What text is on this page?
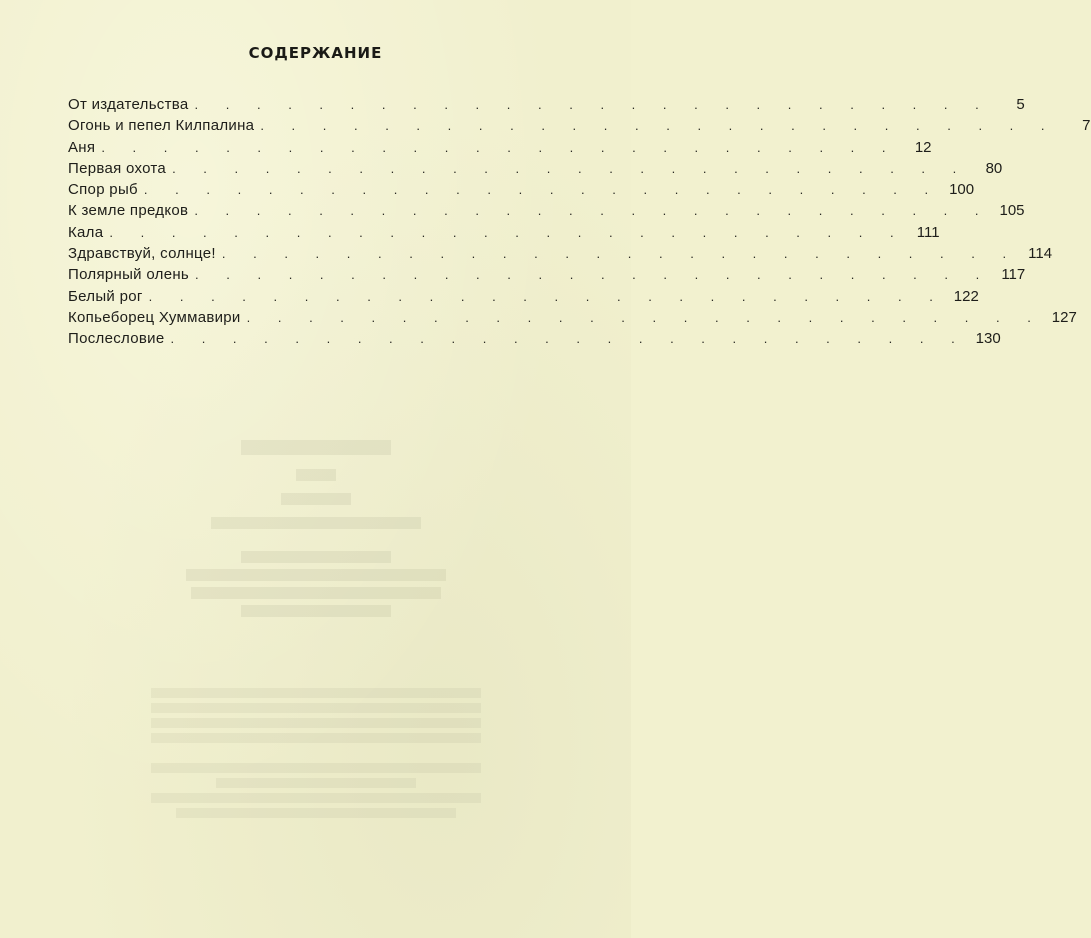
СОДЕРЖАНИЕ
От издательства . . . . . . . . . . . . . . . . . . . . . . . . . .	5
Огонь и пепел Килпалина . . . . . . . . . . . . . . . . . . . . . . . . . .	7
Аня . . . . . . . . . . . . . . . . . . . . . . . . . .	12
Первая охота . . . . . . . . . . . . . . . . . . . . . . . . . .	80
Спор рыб . . . . . . . . . . . . . . . . . . . . . . . . . . 100
К земле предков . . . . . . . . . . . . . . . . . . . . . . . . . . 105
Кала . . . . . . . . . . . . . . . . . . . . . . . . . . 111
Здравствуй, солнце! . . . . . . . . . . . . . . . . . . . . . . . . . . 114
Полярный олень . . . . . . . . . . . . . . . . . . . . . . . . . . 117
Белый рог . . . . . . . . . . . . . . . . . . . . . . . . . . 122
Копьеборец Хуммавири . . . . . . . . . . . . . . . . . . . . . . . . . . 127
Послесловие . . . . . . . . . . . . . . . . . . . . . . . . . . 130
